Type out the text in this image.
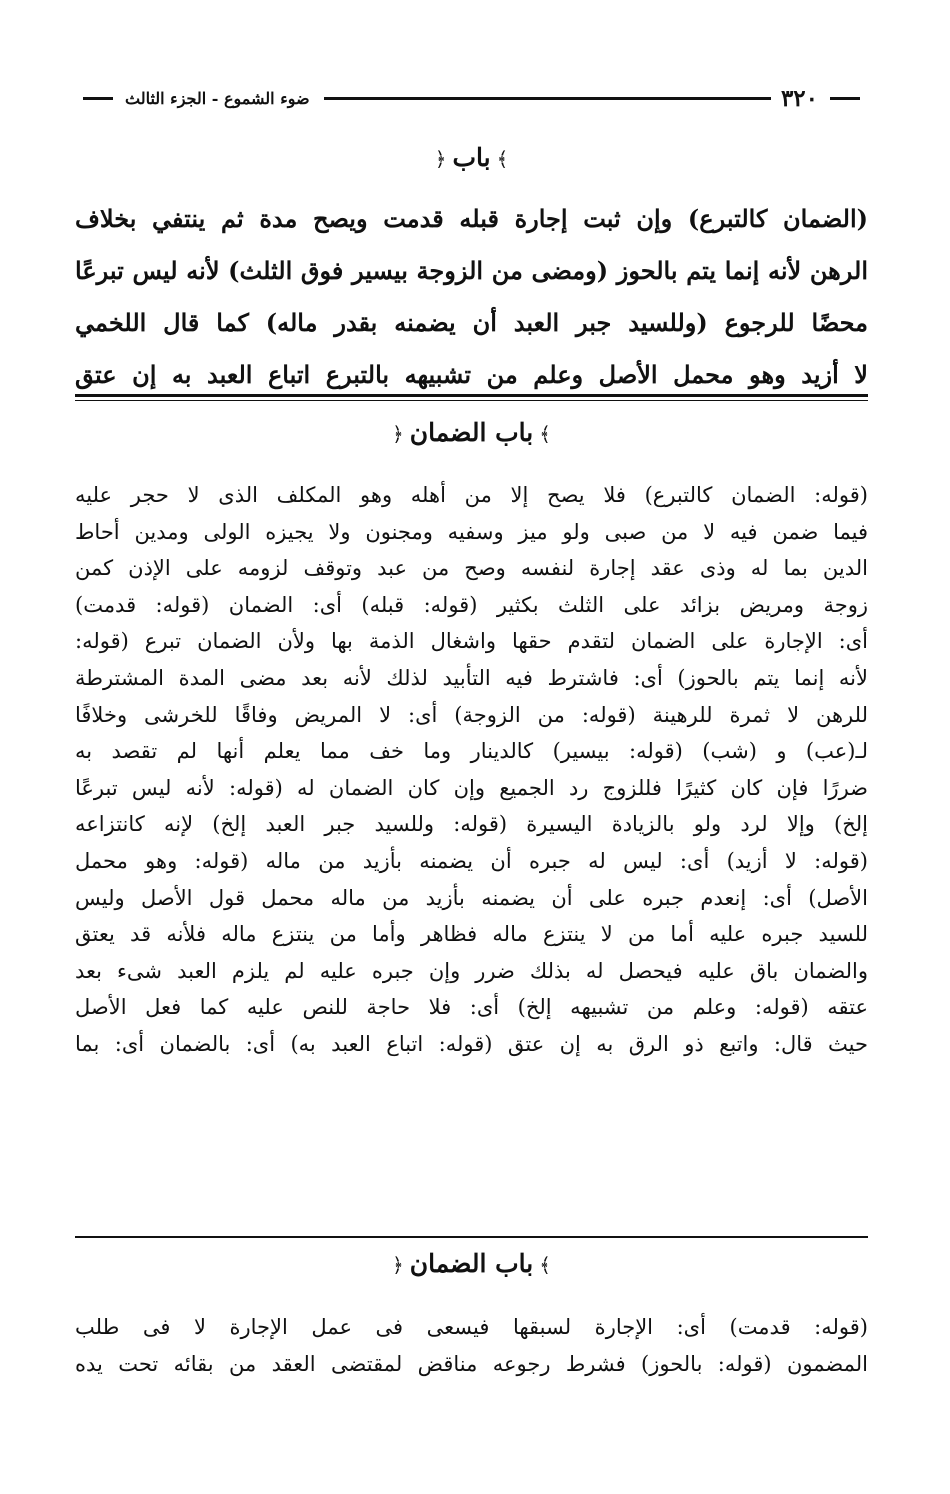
٣٢٠
ضوء الشموع - الجزء الثالث
﴾باب﴿
(الضمان كالتبرع) وإن ثبت إجارة قبله قدمت ويصح مدة ثم ينتفي بخلاف
الرهن لأنه إنما يتم بالحوز (ومضى من الزوجة بيسير فوق الثلث) لأنه ليس تبرعًا
محضًا للرجوع (وللسيد جبر العبد أن يضمنه بقدر ماله) كما قال اللخمي
لا أزيد وهو محمل الأصل وعلم من تشبيهه بالتبرع اتباع العبد به إن عتق
﴾باب الضمان﴿
(قوله: الضمان كالتبرع) فلا يصح إلا من أهله وهو المكلف الذى لا حجر عليه
فيما ضمن فيه لا من صبى ولو ميز وسفيه ومجنون ولا يجيزه الولى ومدين أحاط
الدين بما له وذى عقد إجارة لنفسه وصح من عبد وتوقف لزومه على الإذن كمن
زوجة ومريض بزائد على الثلث بكثير (قوله: قبله) أى: الضمان (قوله: قدمت)
أى: الإجارة على الضمان لتقدم حقها واشغال الذمة بها ولأن الضمان تبرع (قوله:
لأنه إنما يتم بالحوز) أى: فاشترط فيه التأبيد لذلك لأنه بعد مضى المدة المشترطة
للرهن لا ثمرة للرهينة (قوله: من الزوجة) أى: لا المريض وفاقًا للخرشى وخلافًا
لـ(عب) و (شب) (قوله: بيسير) كالدينار وما خف مما يعلم أنها لم تقصد به
ضررًا فإن كان كثيرًا فللزوج رد الجميع وإن كان الضمان له (قوله: لأنه ليس تبرعًا
إلخ) وإلا لرد ولو بالزيادة اليسيرة (قوله: وللسيد جبر العبد إلخ) لإنه كانتزاعه
(قوله: لا أزيد) أى: ليس له جبره أن يضمنه بأزيد من ماله (قوله: وهو محمل
الأصل) أى: إنعدم جبره على أن يضمنه بأزيد من ماله محمل قول الأصل وليس
للسيد جبره عليه أما من لا ينتزع ماله فظاهر وأما من ينتزع ماله فلأنه قد يعتق
والضمان باق عليه فيحصل له بذلك ضرر وإن جبره عليه لم يلزم العبد شىء بعد
عتقه (قوله: وعلم من تشبيهه إلخ) أى: فلا حاجة للنص عليه كما فعل الأصل
حيث قال: واتبع ذو الرق به إن عتق (قوله: اتباع العبد به) أى: بالضمان أى: بما
﴾باب الضمان﴿
(قوله: قدمت) أى: الإجارة لسبقها فيسعى فى عمل الإجارة لا فى طلب
المضمون (قوله: بالحوز) فشرط رجوعه مناقض لمقتضى العقد من بقائه تحت يده
